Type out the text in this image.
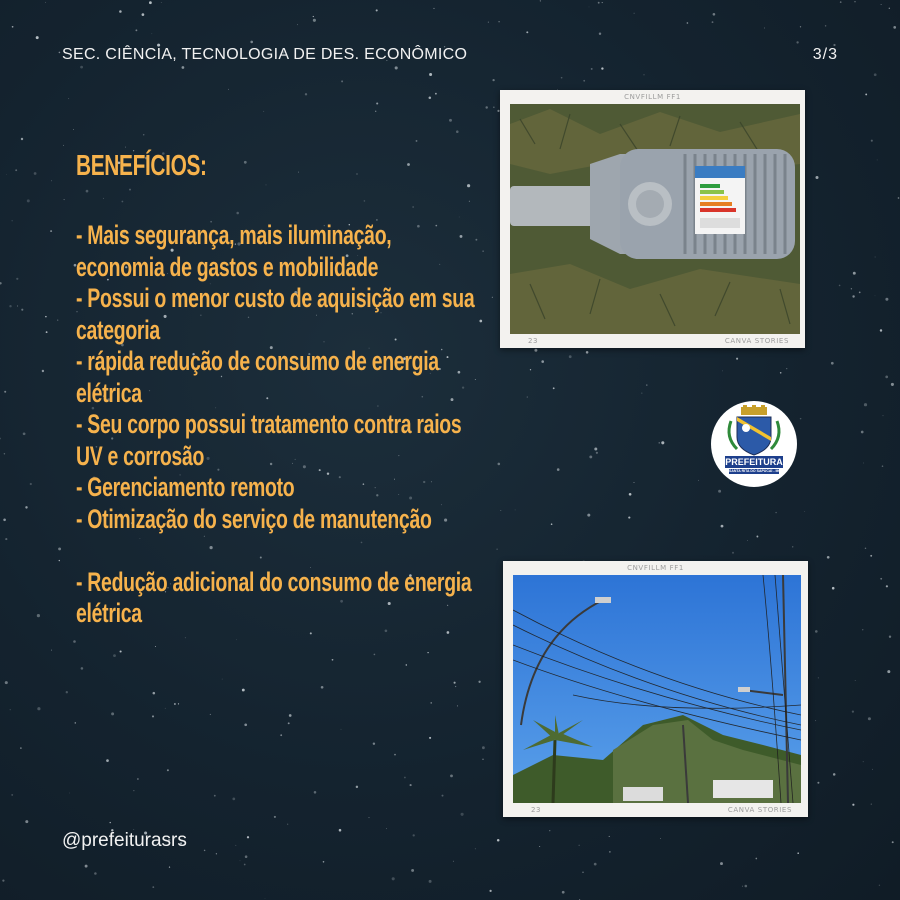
SEC. CIÊNCIA, TECNOLOGIA DE DES. ECONÔMICO	3/3
BENEFÍCIOS:
- Mais segurança, mais iluminação, economia de gastos e mobilidade
- Possui o menor custo de aquisição em sua categoria
- rápida redução de consumo de energia elétrica
- Seu corpo possui tratamento contra raios UV e corrosão
- Gerenciamento remoto
- Otimização do serviço de manutenção
- Redução adicional do consumo de energia elétrica
CNVFILLM FF1
23	CANVA STORIES
PREFEITURA
SANTA RITA DO SAPUCAÍ - MG
CNVFILLM FF1
23	CANVA STORIES
@prefeiturasrs
